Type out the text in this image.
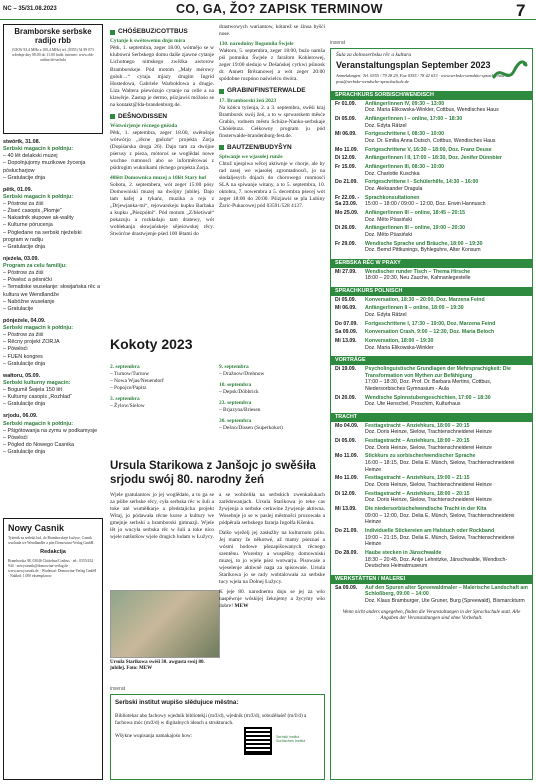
NC – 35/31.08.2023	CO, GA, ŽO? ZAPISK TERMINOW	7
Bramborske serbske radijo rbb
(UKW 93,4 MHz a 100,4 MHz) tel. (0355) 54 99 073 wšednje dny 08:00 do 11:00 hodź. internet: www.rbb-online.de/serbski
stwórtk, 31.08.
Serbski magacin k połdnju:
– 40 lět delakski muzej
– Dopołnjujomy muzikowe žycenja pósłucharjow
– Gratulacije dnja
pětk, 01.09.
Serbski magacin k połdnju:
– Póstrow za źiśi
– Žiseć casopis „Płomje“
– Nakadnik słupowe ak-wality
– Kulturne pórucenja
– Pógledane na serbski njeźelski program w radiju
– Gratulacije dnja
njeźela, 03.09.
Program za celu familiju:
– Póstrow za źiśi
– Pówěsć a pěsnički
– Tematiske wusełanje: słowjańska rěc a kultura we Wendlandže
– Nabóžne wusełanje
– Gratulacije
pónjeźele, 04.09.
Serbski magacin k połdnju:
– Póstrow za źiśi
– Rěcny projekt ZORJA
– Pówěsći
– FUEN kongres
– Gratulacije dnja
wałtoru, 05.09.
Serbski kulturny magacin:
– Bogumił Šwjela 150 lět
– Kulturny casopis „Rozhlad“
– Gratulacije dnja
srjodu, 06.09.
Serbski magacin k połdnju:
– Pšigótowanja na zymu w podkamysje
– Pówěsći
– Pógled do Nowego Casnika
– Gratulacije dnja
Nowy Casnik
Tyźenik za serbski lud, do Bramborskeje Łužyce. Casnik wuchada we Wendlandže a pón Domowina-Verlag GmbH.
Redakcija
Bramborska 98, 03046 Chóśebuz/Cottbus · tel.: 0355/432 944 · nowycasnik@domowina-verlag.de · www.nowycasnik.de · Wudawaŕ: Domowina-Verlag GmbH · Nakład: 1.000 eksemplarow
CHÓŚEBUZ/COTTBUS
Cytanje k swětowemu dnju mira

Pětk, 1. septembra, zeger 18.00, wótmějo se w klubowni Serbskego domu dalše zjawne cytanje Lichotnego nimskego zwěźka awtorow Bramborskeje. Pód motom „Mały mérowy golub…“ cytaju mjazy drugim Ingrid Hustedowa, Gabriele Warbołdowa a drugje. Liza Waltera pśewózujo cytanje na celle a na klawěrje. Zastup je dermo, pśizjawiś móžośo se na kontakt@lda-brandenburg.de.

DEŠNO/DISSEN
Wótwórjenje rěcnego gnězda

Pětk, 1. septembra, zeger 18.00, swětošnje wótwórjo „rěcne gnězdo“ projekta Zorja (Dopiśarska droga 26). Dajo tam za dwójne pśerusy z pśeza, mótoroś se woglědaś nowe wuchne rumnosći abo se informěrowaś z pśidrogim wuknikami rěcnego projekta Zorja.

40lětt Domownica muzej a 10lět Stary hof

Sobotu, 2. septembera, wót zeger 15:00 pósy Domowniski muzej na dwójny jubilej. Dajo tam kafej a tykańc, muzika a rejs z „Drjewjanka-mi“, rejowarskeju kupku Barbaka a kupku „Pśezpółní“. Pód motom „Z/bšetiwał“ pokazuju a rozkładaju tam dratewy, wót woblekanja słowjańskeje sějeśowskej rěcy. Stwórćne drastwjenje pśed 100 lětami do

drastwowych wariantow, kótarež se źinsa byšći nose.

130. narodniny Bogumiła Šwjele

Wałtoru, 5. septembra, zeger 18:00, buźo namša pśi pomniku Šwjele z farařom Kohlerowej, zeger 19:00 sledujo w Dešańskej cyrkwi pśinosk dr. Annett Brězanowej a wót zeger 20:00 spódobne rozpóno naświelcu dwóra.

GRABIN/FINSTERWALDE
17. Bramborski žeń 2023

Na kóńcu tyźenja, 2. a 3. septembra, swěśi kraj Bramborsk swój žeń, a to w sprwarskem měsće Grabin, rodnem městu Schüze-Nanko-serbskaje Chóśebuza. Cełkowny program ju pód finsterwalde-brandenburg-fest.de.

BAUTZEN/BUDYŠYN
Spiwanje we wjasołej runže

Chtož njespiwa wěcej aktiwnje w chorje, ale by rad zasej we wjasołej zgromadnosći, jo na słodaljesych dnjach do chorowego runmosći SLA na spiwanje witany, a to 5. septembra, 10. oktobra, 7. nowembra a 5. decembra pśecej wót zeger 18:00 do 20:00. Pśizjawiś se pla Lubiny Žaric-Pukacowej pód 03591/528 4137.

Kokoty 2023
2. septembra
– Turnow/Turnow
– Nowa Wjas/Neuendorf
– Popojce/Papitz
3. septembra
– Žylow/Sielow
9. septembra
– Dražnow/Drehnow
10. septembra
– Depsk/Döbbrick
23. septembra
– Brjazyna/Briesen
30. septembra
– Dešno/Dissen (Superkokot)
Ursula Starikowa z Janšojc jo swěśiła srjodu swój 80. narodny žeń

Wjele gratulantow jo jej woglědało, a to ga se za pśibe serbske rěcy, cyła serbska rěc w šuli a toke até wuměłkarje a předstajicha projekt Witaj, jo pódawała rěcne kurse a kultury we gmejnje serbski a bramborski gimnazji. Wjele lět jo wucyła serbska rěc w šuli a toke nico wjele natšutšow wjele drugich ludam w Łužycy.

Ursula Starikowa swěśi 30. awgusta swój 80. jubilej. Foto: MEW

a se wobźeliła na serbskich zwenkašukach zarědowanjach. Ursula Starikowa jo teke cas žywjenja a serbske cerkwine žywjenje aktiwna. Wosebnje jo se w paslej městnošci prozowała a pódpěrala serbskego fararja Ingolfa Kšenku.

Dalšo wježelj jej zasłužby na kulturnom pólu. Jej mamy že někotwé, až mamy pśeznaś a wósmi hodowe pšezapišowanych rěcnego szentěnu. Wuredny a wuspěšny domowniski muzej, to jo wjele pśez wotwarju. Pisowaśe a wjeselenje aktiwně naga za spisowaśe. Ursula Starikowa jo se rady wobtalowała za serbske tucy wjela na Dolnej Łužycy.

K jeje 80. narodnemu dnju se jej za wšo naspěwnje wóskijej žeknjemy a žycymy wšo dobre! MEW

inserat
Serbski institut wupišo slědujuce městna:
Bibliotekar abo fachowy wjednik bibliotekji (m/ž/d), wjednik (m/ž/d), sobuźěłaśeř (m/ž/d) a fachowa móc (m/ž/d) w digitalnych ideach a strukturach.
Wšykne wupisanja namakajośo how:	Serbski institut Sorbisches Institut
inserat
Šula za dolnoserbsku rěc a kulturu
Veranstaltungsplan September 2023
Anmeldungen: Tel. 0355 / 79 28 29, Fax 0355 / 78 42 633 · www.serbsko-wendsko-sprachschule.de · post@serbske-wendsche-sprachschule.de
SPRACHKURS SORBISCH/WENDISCH
Fr 01.09.	Anfänger/innen IV, 09:30 – 13:00
Doz. Maria Elikowska-Winkler, Cottbus, Wendisches Haus
Di 05.09.	Anfänger/innen I – online, 17:00 – 18:30
Doz. Edyta Rätzel
Mi 06.09.	Fortgeschrittene I, 08:30 – 10:00
Doz. Dr. Emilia Anna Dutsch, Cottbus, Wendisches Haus
Mo 11.09.	Fortgeschrittene V, 16:30 – 18:00, Doz. Franz Deuse
Di 12.09.	Anfänger/innen I II, 17:00 – 18:30, Doz. Jenifer Dünnbier
Fr 15.09.	Anfänger/innen III, 08:30 – 10:00
Doz. Charlotte Kuschka
Do 21.09.	Fortgeschrittene I - Schülerhilfe, 14:30 – 16:00
Doz. Aleksander Dragula
Fr 22.09. - Sa 23.09.
Sprachkonsultationen
15:00 – 18:00 / 09:00 – 12:00, Doz. Erwin Hannusch
Mo 25.09.	Anfänger/innen III – online, 18:45 – 20:15
Doz. Měto Pśasiński
Di 26.09.	Anfänger/innen III – online, 19:00 – 20:30
Doz. Měto Pśasiński
Fr 29.09.	Wendische Sprache und Bräuche, 18:00 – 19:30
Doz. Bernd Pittkunings, Byhleguhre, Alter Konsum
SERBSKA RĚC W PRAXY
Mi 27.09.	Wendischer runder Tisch – Thema Hirsche
18:00 – 20:30, Neu Zauche, Kahnanlegestelle
SPRACHKURS POLNISCH
Di 05.09.	Konversation, 18:30 – 20:00, Doz. Marzena Feind
Mi 06.09.	Anfänger/innen II – online, 18:00 – 19:30
Doz. Edyta Rätzel
Do 07.09.	Fortgeschrittene I, 17:30 – 19:00, Doz. Marzena Feind
Sa 09.09.	Konversation Crash, 9:00 – 12:30, Doz. Maria Beloch
Mi 13.09.	Konversation, 18:00 – 19:30
Doz. Maria Elikowska-Winkler
VORTRÄGE
Di 19.09.	Psycholinguistische Grundlagen der Mehrsprachigkeit: Die Transformation von Mythen zur Befähigung
17:00 – 18:30, Doz. Prof. Dr. Barbara Mertins, Cottbus, Niedersorbisches Gymnasium - Aula
Di 20.09.	Wendische Spinnstubengeschichten, 17:00 – 18:30
Doz. Ute Henschel, Proschim, Kulturhaus
TRACHT
Mo 04.09.	Festtagstracht – Anziehkurs, 18:00 – 20:15
Doz. Doris Heinze, Sielow, Trachtenschneiderei Heinze
Di 05.09.	Festtagstracht – Anziehkurs, 18:00 – 20:15
Doz. Doris Heinze, Sielow, Trachtenschneiderei Heinze
Mo 11.09.	Stickkurs zu sorbischer/wendischer Sprache
16:00 – 18:15, Doz. Delia E. Münch, Sielow, Trachtenschneiderei Heinze
Mo 11.09.	Festtagstracht – Anziehkurs, 19:00 – 21:15
Doz. Doris Heinze, Sielow, Trachtenschneiderei Heinze
Di 12.09.	Festtagstracht – Anziehkurs, 18:00 – 20:15
Doz. Doris Heinze, Sielow, Trachtenschneiderei Heinze
Mi 13.09.	Die niedersorbische/wendische Tracht in der Kita
09:00 – 12:00, Doz. Delia E. Münch, Sielow, Trachtenschneiderei Heinze
Do 21.09.	Individuelle Stickereien am Halstuch oder Rockband
19:00 – 21:15, Doz. Delia E. Münch, Sielow, Trachtenschneiderei Heinze
Do 28.09.	Haube stecken in Jänschwalde
18:30 – 20:45, Doz. Antje Lehnitzke, Jänschwalde, Wendisch-Deutsches Heimatmuseum
WERKSTÄTTEN / MALEREI
Sa 09.09.	Auf den Spuren alter Spreewaldmaler – Malerische Landschaft am Schloßberg, 09:00 – 14:00
Doz. Klaus Bramburger, Ute Gruner, Burg (Spreewald), Bismarckturm
Wenn nicht anders angegeben, finden die Veranstaltungen in der Sprachschule statt. Alle Angaben der Veranstaltungen sind ohne Vorbehalt.
